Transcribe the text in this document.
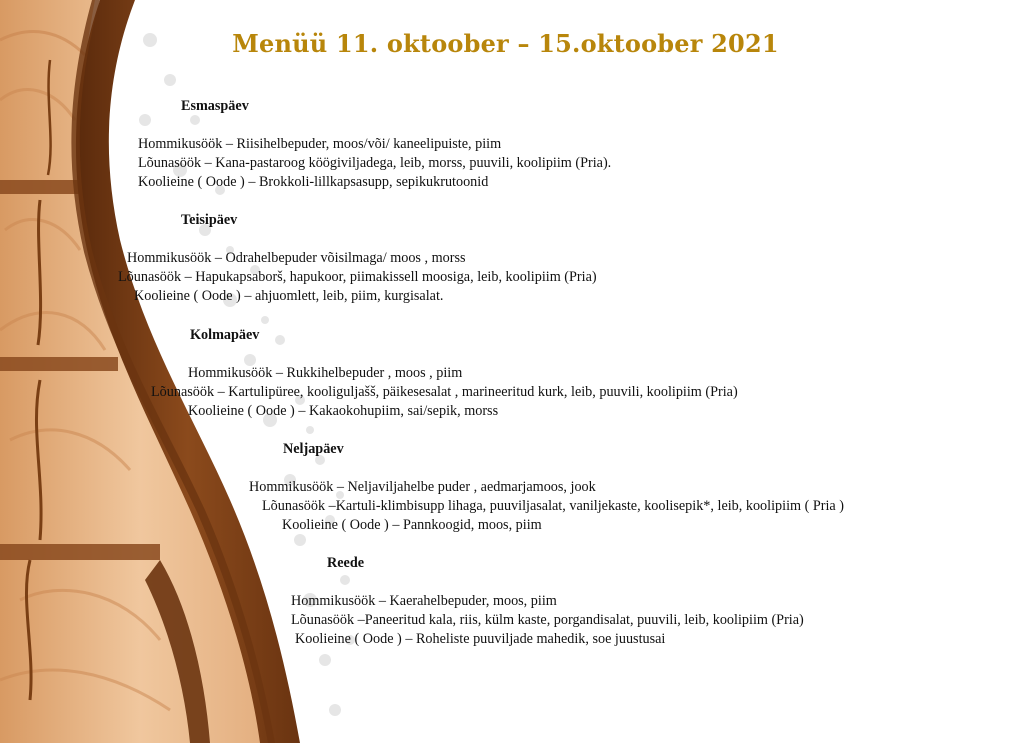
Menüü 11. oktoober – 15.oktoober 2021
Esmaspäev
Hommikusöök – Riisihelbepuder, moos/või/ kaneelipuiste, piim
Lõunasöök – Kana-pastaroog köögiviljadega, leib, morss, puuvili, koolipiim (Pria).
Koolieine ( Oode ) – Brokkoli-lillkapsasupp, sepikukrutoonid
Teisipäev
Hommikusöök – Odrahelbepuder võisilmaga/ moos , morss
Lõunasöök – Hapukapsaborš, hapukoor, piimakissell moosiga, leib, koolipiim (Pria)
Koolieine ( Oode ) – ahjuomlett, leib, piim, kurgisalat.
Kolmapäev
Hommikusöök – Rukkihelbepuder , moos , piim
Lõunasöök – Kartulipüree, kooliguljašš, päikesesalat , marineeritud kurk, leib, puuvili, koolipiim (Pria)
Koolieine ( Oode ) – Kakaokohupiim, sai/sepik, morss
Neljapäev
Hommikusöök – Neljaviljahelbe puder , aedmarjamoos, jook
Lõunasöök –Kartuli-klimbisupp lihaga, puuviljasalat, vaniljekaste, koolisepik*, leib, koolipiim ( Pria )
Koolieine ( Oode ) – Pannkoogid, moos, piim
Reede
Hommikusöök – Kaerahelbepuder, moos, piim
Lõunasöök –Paneeritud kala, riis, külm kaste, porgandisalat, puuvili, leib, koolipiim (Pria)
Koolieine ( Oode ) – Roheliste puuviljade mahedik, soe juustusai
